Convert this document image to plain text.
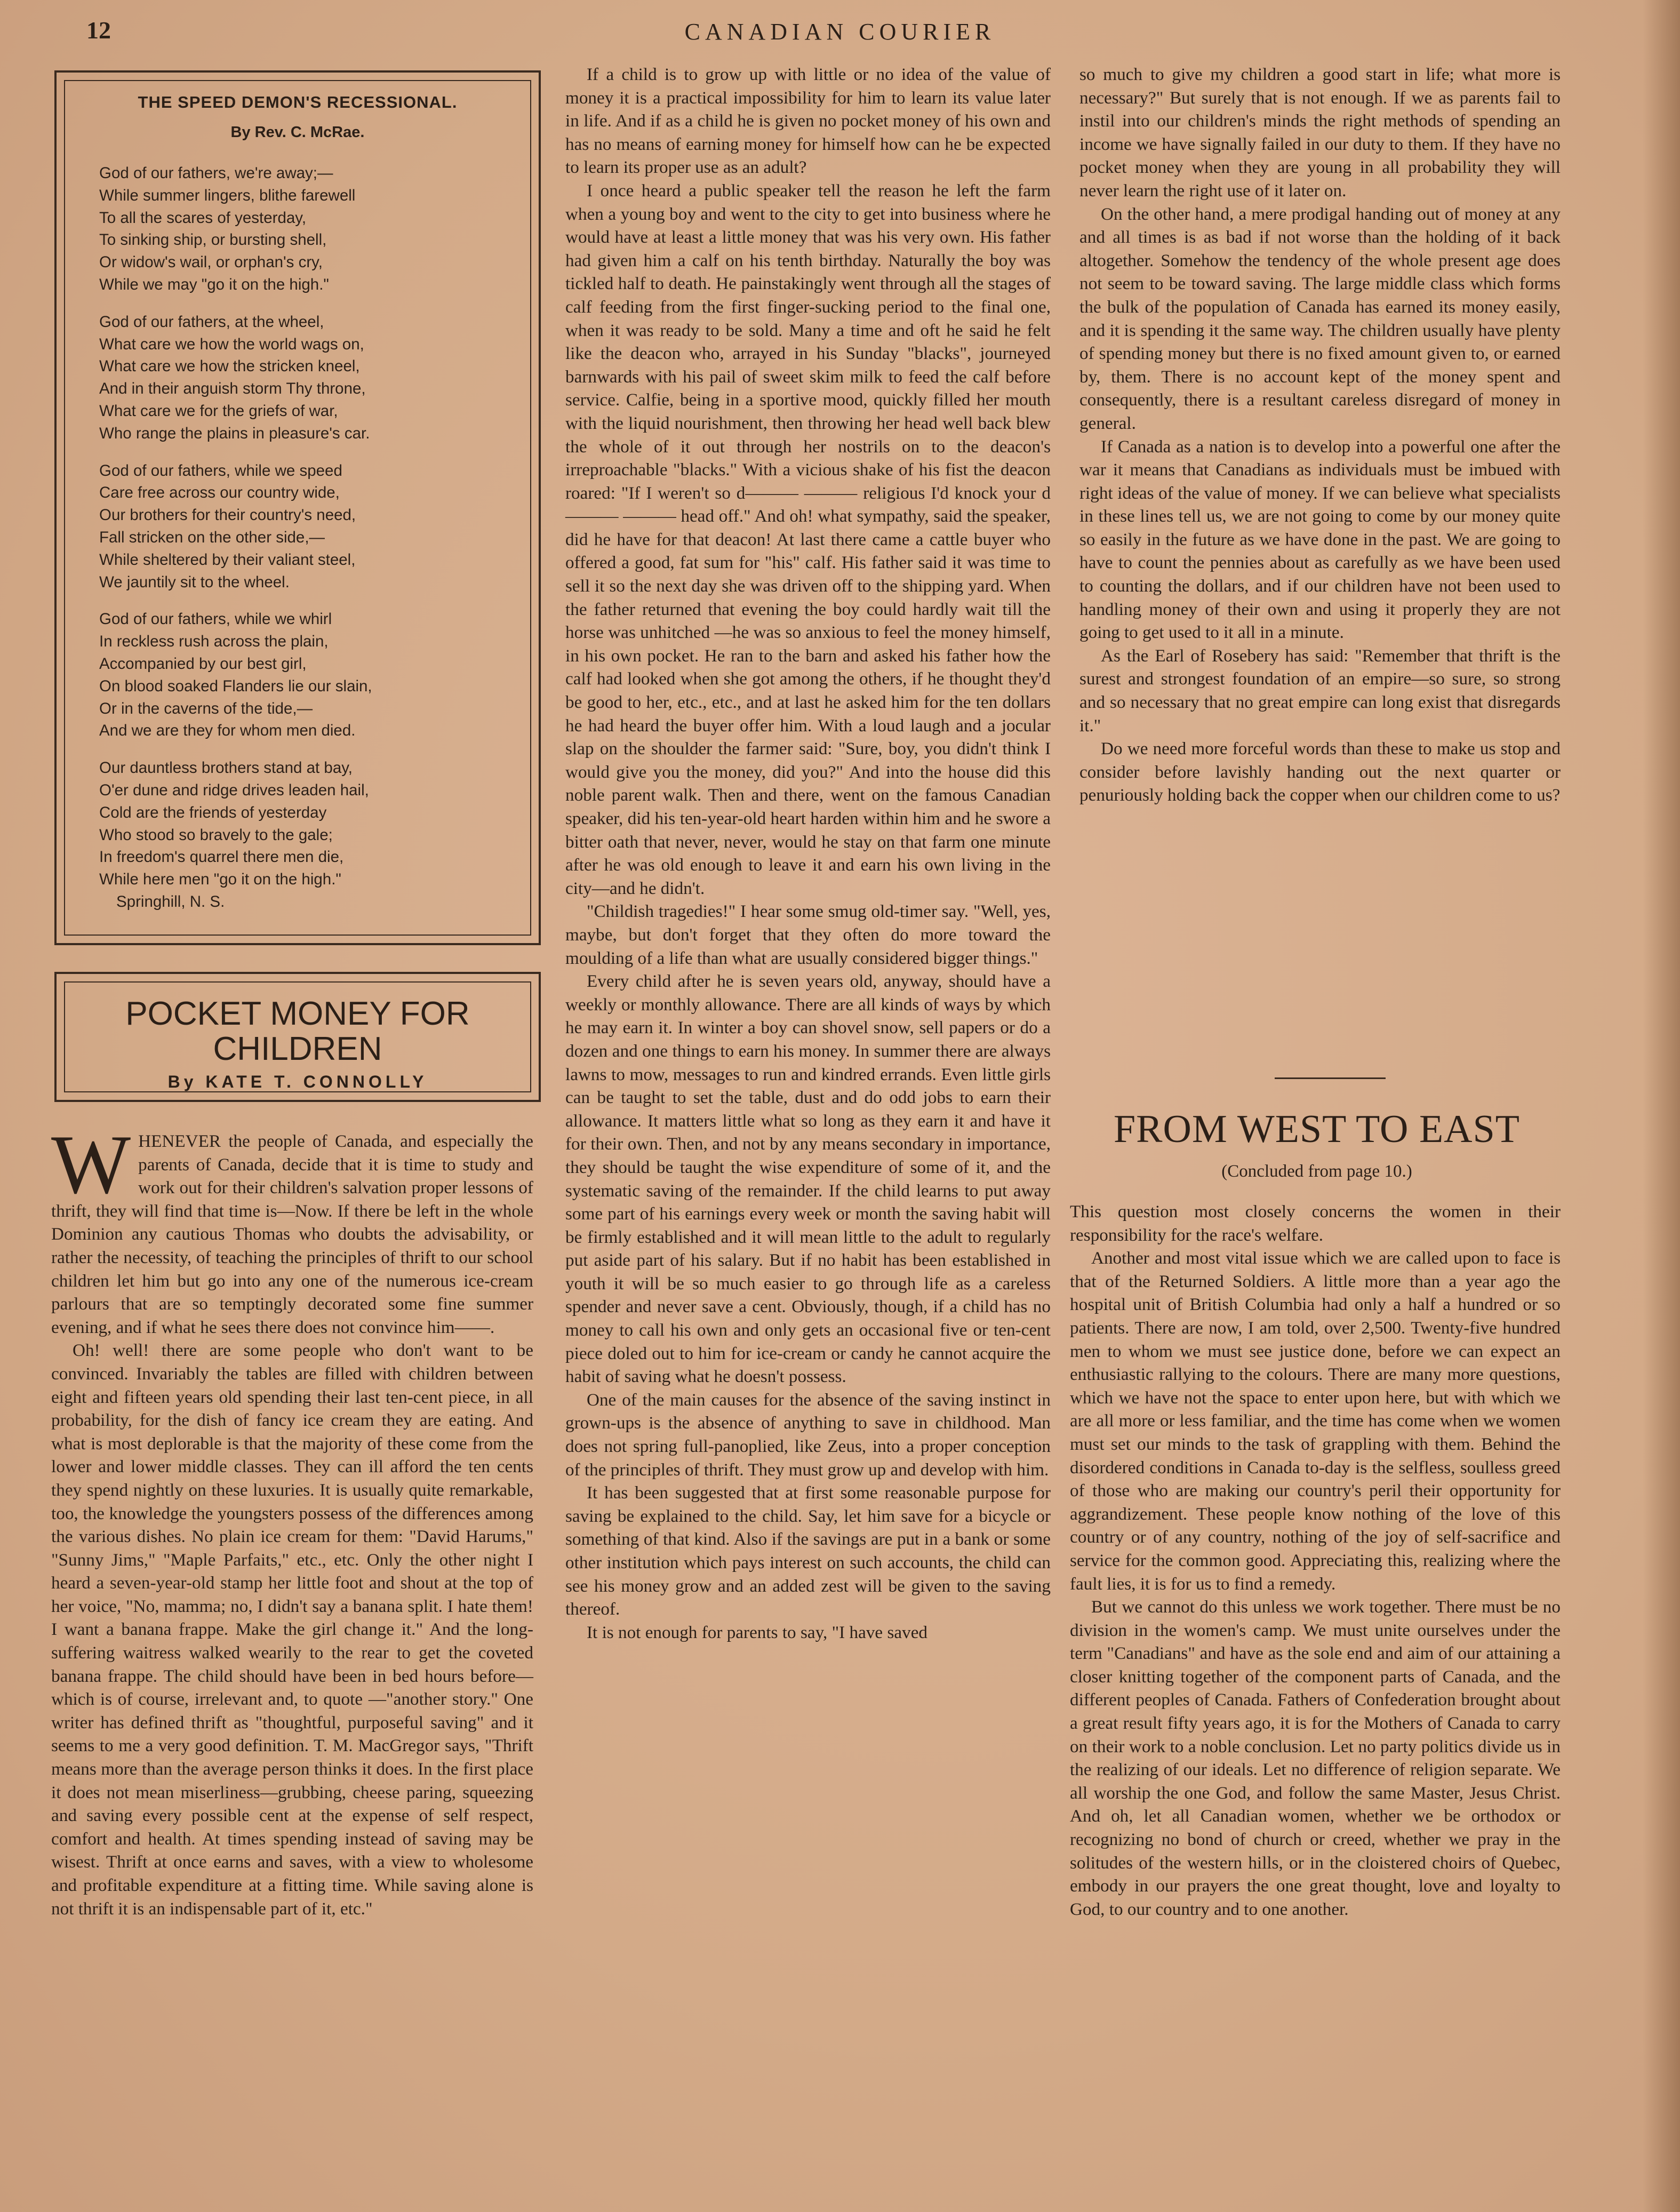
12	CANADIAN COURIER
THE SPEED DEMON'S RECESSIONAL.
By Rev. C. McRae.
God of our fathers, we're away;—
While summer lingers, blithe farewell
To all the scares of yesterday,
To sinking ship, or bursting shell,
Or widow's wail, or orphan's cry,
While we may "go it on the high."
God of our fathers, at the wheel,
What care we how the world wags on,
What care we how the stricken kneel,
And in their anguish storm Thy throne,
What care we for the griefs of war,
Who range the plains in pleasure's car.
God of our fathers, while we speed
Care free across our country wide,
Our brothers for their country's need,
Fall stricken on the other side,—
While sheltered by their valiant steel,
We jauntily sit to the wheel.
God of our fathers, while we whirl
In reckless rush across the plain,
Accompanied by our best girl,
On blood soaked Flanders lie our slain,
Or in the caverns of the tide,—
And we are they for whom men died.
Our dauntless brothers stand at bay,
O'er dune and ridge drives leaden hail,
Cold are the friends of yesterday
Who stood so bravely to the gale;
In freedom's quarrel there men die,
While here men "go it on the high."
Springhill, N. S.
POCKET MONEY FOR
CHILDREN
By KATE T. CONNOLLY

WHENEVER the people of Canada, and especially the parents of Canada, decide that it is time to study and work out for their children's salvation proper lessons of thrift, they will find that time is—Now. If there be left in the whole Dominion any cautious Thomas who doubts the advisability, or rather the necessity, of teaching the principles of thrift to our school children let him but go into any one of the numerous ice-cream parlours that are so temptingly decorated some fine summer evening, and if what he sees there does not convince him——.

Oh! well! there are some people who don't want to be convinced. Invariably the tables are filled with children between eight and fifteen years old spending their last ten-cent piece, in all probability, for the dish of fancy ice cream they are eating. And what is most deplorable is that the majority of these come from the lower and lower middle classes. They can ill afford the ten cents they spend nightly on these luxuries. It is usually quite remarkable, too, the knowledge the youngsters possess of the differences among the various dishes. No plain ice cream for them: "David Harums," "Sunny Jims," "Maple Parfaits," etc., etc. Only the other night I heard a seven-year-old stamp her little foot and shout at the top of her voice, "No, mamma; no, I didn't say a banana split. I hate them! I want a banana frappe. Make the girl change it." And the long-suffering waitress walked wearily to the rear to get the coveted banana frappe. The child should have been in bed hours before—which is of course, irrelevant and, to quote —"another story." One writer has defined thrift as "thoughtful, purposeful saving" and it seems to me a very good definition. T. M. MacGregor says, "Thrift means more than the average person thinks it does. In the first place it does not mean miserliness—grubbing, cheese paring, squeezing and saving every possible cent at the expense of self respect, comfort and health. At times spending instead of saving may be wisest. Thrift at once earns and saves, with a view to wholesome and profitable expenditure at a fitting time. While saving alone is not thrift it is an indispensable part of it, etc."

If a child is to grow up with little or no idea of the value of money it is a practical impossibility for him to learn its value later in life. And if as a child he is given no pocket money of his own and has no means of earning money for himself how can he be expected to learn its proper use as an adult?

I once heard a public speaker tell the reason he left the farm when a young boy and went to the city to get into business where he would have at least a little money that was his very own. His father had given him a calf on his tenth birthday. Naturally the boy was tickled half to death. He painstakingly went through all the stages of calf feeding from the first finger-sucking period to the final one, when it was ready to be sold. Many a time and oft he said he felt like the deacon who, arrayed in his Sunday "blacks", journeyed barnwards with his pail of sweet skim milk to feed the calf before service. Calfie, being in a sportive mood, quickly filled her mouth with the liquid nourishment, then throwing her head well back blew the whole of it out through her nostrils on to the deacon's irreproachable "blacks." With a vicious shake of his fist the deacon roared: "If I weren't so d——— ——— religious I'd knock your d——— ——— head off." And oh! what sympathy, said the speaker, did he have for that deacon! At last there came a cattle buyer who offered a good, fat sum for "his" calf. His father said it was time to sell it so the next day she was driven off to the shipping yard. When the father returned that evening the boy could hardly wait till the horse was unhitched —he was so anxious to feel the money himself, in his own pocket. He ran to the barn and asked his father how the calf had looked when she got among the others, if he thought they'd be good to her, etc., etc., and at last he asked him for the ten dollars he had heard the buyer offer him. With a loud laugh and a jocular slap on the shoulder the farmer said: "Sure, boy, you didn't think I would give you the money, did you?" And into the house did this noble parent walk. Then and there, went on the famous Canadian speaker, did his ten-year-old heart harden within him and he swore a bitter oath that never, never, would he stay on that farm one minute after he was old enough to leave it and earn his own living in the city—and he didn't.

"Childish tragedies!" I hear some smug old-timer say. "Well, yes, maybe, but don't forget that they often do more toward the moulding of a life than what are usually considered bigger things."

Every child after he is seven years old, anyway, should have a weekly or monthly allowance. There are all kinds of ways by which he may earn it. In winter a boy can shovel snow, sell papers or do a dozen and one things to earn his money. In summer there are always lawns to mow, messages to run and kindred errands. Even little girls can be taught to set the table, dust and do odd jobs to earn their allowance. It matters little what so long as they earn it and have it for their own. Then, and not by any means secondary in importance, they should be taught the wise expenditure of some of it, and the systematic saving of the remainder. If the child learns to put away some part of his earnings every week or month the saving habit will be firmly established and it will mean little to the adult to regularly put aside part of his salary. But if no habit has been established in youth it will be so much easier to go through life as a careless spender and never save a cent. Obviously, though, if a child has no money to call his own and only gets an occasional five or ten-cent piece doled out to him for ice-cream or candy he cannot acquire the habit of saving what he doesn't possess.

One of the main causes for the absence of the saving instinct in grown-ups is the absence of anything to save in childhood. Man does not spring full-panoplied, like Zeus, into a proper conception of the principles of thrift. They must grow up and develop with him.

It has been suggested that at first some reasonable purpose for saving be explained to the child. Say, let him save for a bicycle or something of that kind. Also if the savings are put in a bank or some other institution which pays interest on such accounts, the child can see his money grow and an added zest will be given to the saving thereof.

It is not enough for parents to say, "I have saved

so much to give my children a good start in life; what more is necessary?" But surely that is not enough. If we as parents fail to instil into our children's minds the right methods of spending an income we have signally failed in our duty to them. If they have no pocket money when they are young in all probability they will never learn the right use of it later on.

On the other hand, a mere prodigal handing out of money at any and all times is as bad if not worse than the holding of it back altogether. Somehow the tendency of the whole present age does not seem to be toward saving. The large middle class which forms the bulk of the population of Canada has earned its money easily, and it is spending it the same way. The children usually have plenty of spending money but there is no fixed amount given to, or earned by, them. There is no account kept of the money spent and consequently, there is a resultant careless disregard of money in general.

If Canada as a nation is to develop into a powerful one after the war it means that Canadians as individuals must be imbued with right ideas of the value of money. If we can believe what specialists in these lines tell us, we are not going to come by our money quite so easily in the future as we have done in the past. We are going to have to count the pennies about as carefully as we have been used to counting the dollars, and if our children have not been used to handling money of their own and using it properly they are not going to get used to it all in a minute.

As the Earl of Rosebery has said: "Remember that thrift is the surest and strongest foundation of an empire—so sure, so strong and so necessary that no great empire can long exist that disregards it."

Do we need more forceful words than these to make us stop and consider before lavishly handing out the next quarter or penuriously holding back the copper when our children come to us?

FROM WEST TO EAST
(Concluded from page 10.)

This question most closely concerns the women in their responsibility for the race's welfare.

Another and most vital issue which we are called upon to face is that of the Returned Soldiers. A little more than a year ago the hospital unit of British Columbia had only a half a hundred or so patients. There are now, I am told, over 2,500. Twenty-five hundred men to whom we must see justice done, before we can expect an enthusiastic rallying to the colours. There are many more questions, which we have not the space to enter upon here, but with which we are all more or less familiar, and the time has come when we women must set our minds to the task of grappling with them. Behind the disordered conditions in Canada to-day is the selfless, soulless greed of those who are making our country's peril their opportunity for aggrandizement. These people know nothing of the love of this country or of any country, nothing of the joy of self-sacrifice and service for the common good. Appreciating this, realizing where the fault lies, it is for us to find a remedy.

But we cannot do this unless we work together. There must be no division in the women's camp. We must unite ourselves under the term "Canadians" and have as the sole end and aim of our attaining a closer knitting together of the component parts of Canada, and the different peoples of Canada. Fathers of Confederation brought about a great result fifty years ago, it is for the Mothers of Canada to carry on their work to a noble conclusion. Let no party politics divide us in the realizing of our ideals. Let no difference of religion separate. We all worship the one God, and follow the same Master, Jesus Christ. And oh, let all Canadian women, whether we be orthodox or recognizing no bond of church or creed, whether we pray in the solitudes of the western hills, or in the cloistered choirs of Quebec, embody in our prayers the one great thought, love and loyalty to God, to our country and to one another.
